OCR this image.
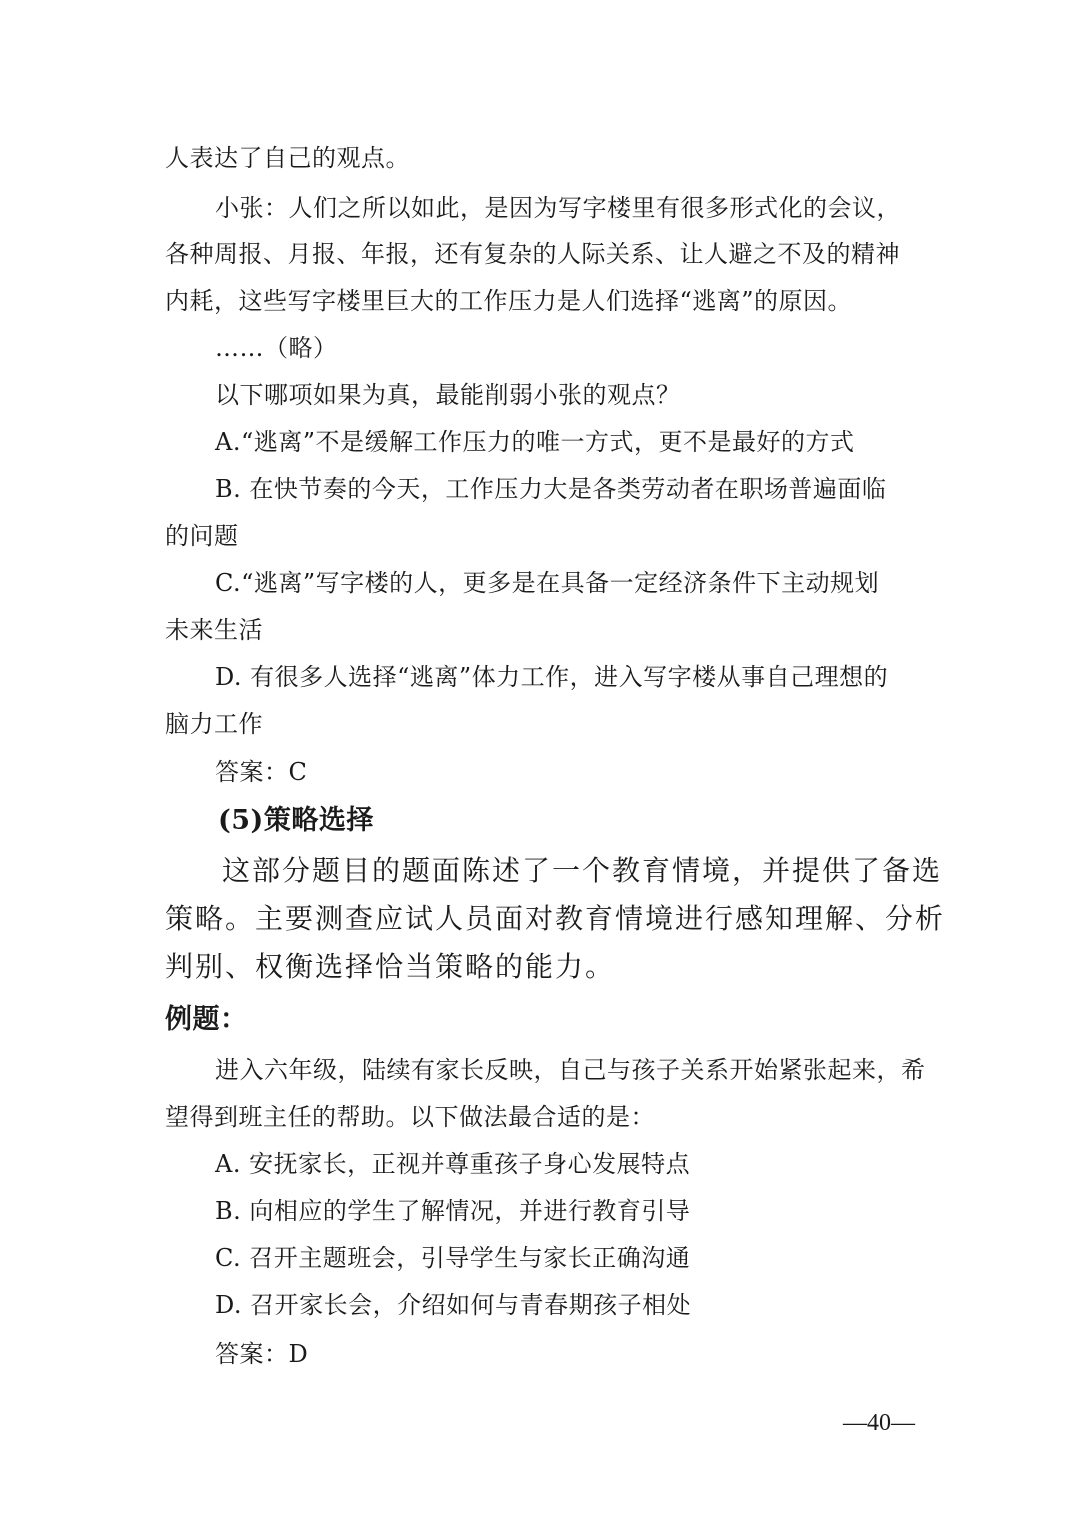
人表达了自己的观点。
小张：人们之所以如此，是因为写字楼里有很多形式化的会议，
各种周报、月报、年报，还有复杂的人际关系、让人避之不及的精神
内耗，这些写字楼里巨大的工作压力是人们选择“逃离”的原因。
……（略）
以下哪项如果为真，最能削弱小张的观点？
A.“逃离”不是缓解工作压力的唯一方式，更不是最好的方式
B. 在快节奏的今天，工作压力大是各类劳动者在职场普遍面临
的问题
C.“逃离”写字楼的人，更多是在具备一定经济条件下主动规划
未来生活
D. 有很多人选择“逃离”体力工作，进入写字楼从事自己理想的
脑力工作
答案：C
(5)策略选择
这部分题目的题面陈述了一个教育情境，并提供了备选
策略。主要测查应试人员面对教育情境进行感知理解、分析
判别、权衡选择恰当策略的能力。
例题：
进入六年级，陆续有家长反映，自己与孩子关系开始紧张起来，希
望得到班主任的帮助。以下做法最合适的是：
A. 安抚家长，正视并尊重孩子身心发展特点
B. 向相应的学生了解情况，并进行教育引导
C. 召开主题班会，引导学生与家长正确沟通
D. 召开家长会，介绍如何与青春期孩子相处
答案：D
—40—
